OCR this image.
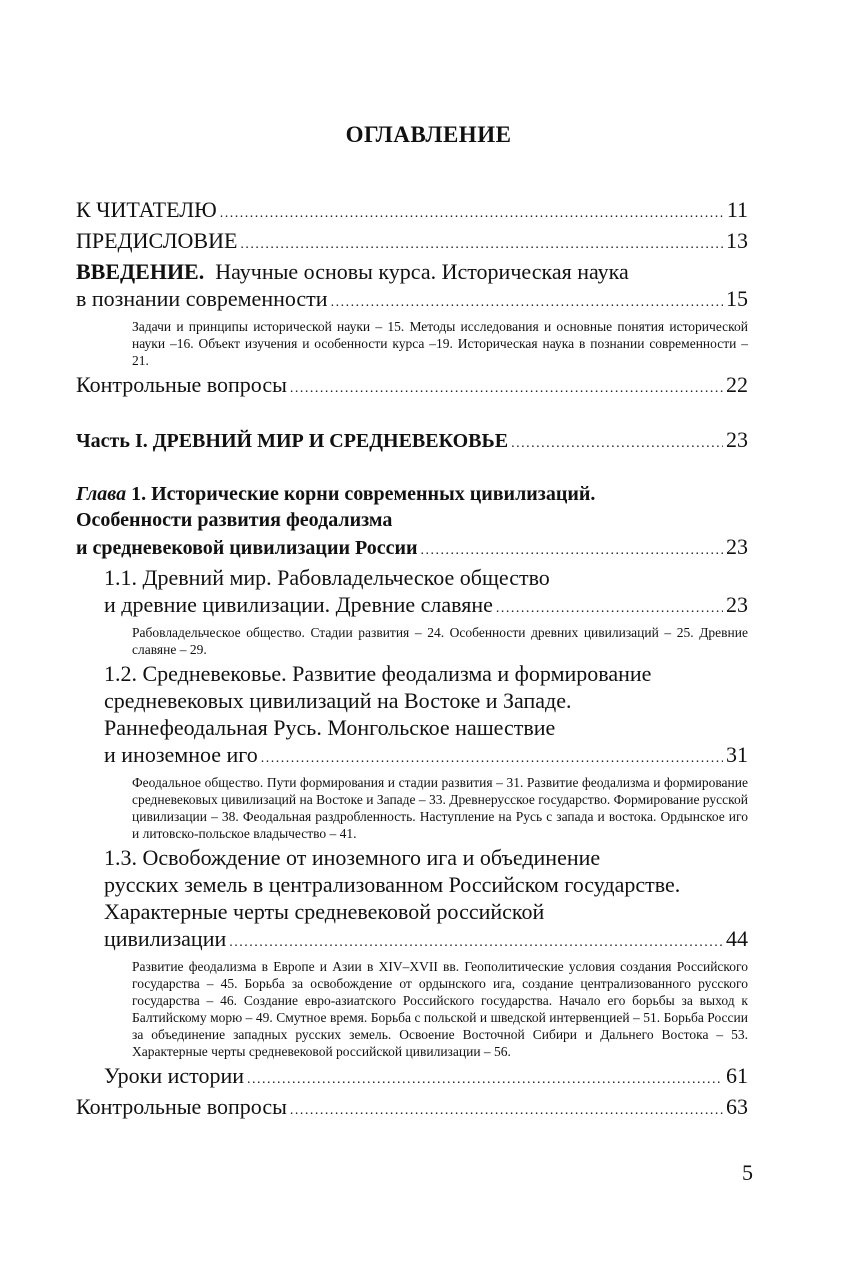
ОГЛАВЛЕНИЕ
К ЧИТАТЕЛЮ . . .	11
ПРЕДИСЛОВИЕ . . .	13
ВВЕДЕНИЕ.  Научные основы курса. Историческая наука
в познании современности . . .	15
Задачи и принципы исторической науки – 15. Методы исследования и основные понятия исторической науки –16. Объект изучения и особенности курса –19. Историческая наука в познании современности – 21.
Контрольные вопросы . . .	22
Часть I. ДРЕВНИЙ МИР И СРЕДНЕВЕКОВЬЕ . . .	23
Глава 1. Исторические корни современных цивилизаций.
Особенности развития феодализма
и средневековой цивилизации России . . .	23
1.1. Древний мир. Рабовладельческое общество
и древние цивилизации. Древние славяне . . .	23
Рабовладельческое общество. Стадии развития – 24. Особенности древних цивилизаций – 25. Древние славяне – 29.
1.2. Средневековье. Развитие феодализма и формирование
средневековых цивилизаций на Востоке и Западе.
Раннефеодальная Русь. Монгольское нашествие
и иноземное иго . . .	31
Феодальное общество. Пути формирования и стадии развития – 31. Развитие феодализма и формирование средневековых цивилизаций на Востоке и Западе – 33. Древнерусское государство. Формирование русской цивилизации – 38. Феодальная раздробленность. Наступление на Русь с запада и востока. Ордынское иго и литовско-польское владычество – 41.
1.3. Освобождение от иноземного ига и объединение
русских земель в централизованном Российском государстве.
Характерные черты средневековой российской
цивилизации . . .	44
Развитие феодализма в Европе и Азии в XIV–XVII вв. Геополитические условия создания Российского государства – 45. Борьба за освобождение от ордынского ига, создание централизованного русского государства – 46. Создание евро-азиатского Российского государства. Начало его борьбы за выход к Балтийскому морю – 49. Смутное время. Борьба с польской и шведской интервенцией – 51. Борьба России за объединение западных русских земель. Освоение Восточной Сибири и Дальнего Востока – 53. Характерные черты средневековой российской цивилизации – 56.
Уроки истории . . .	61
Контрольные вопросы . . .	63
5
